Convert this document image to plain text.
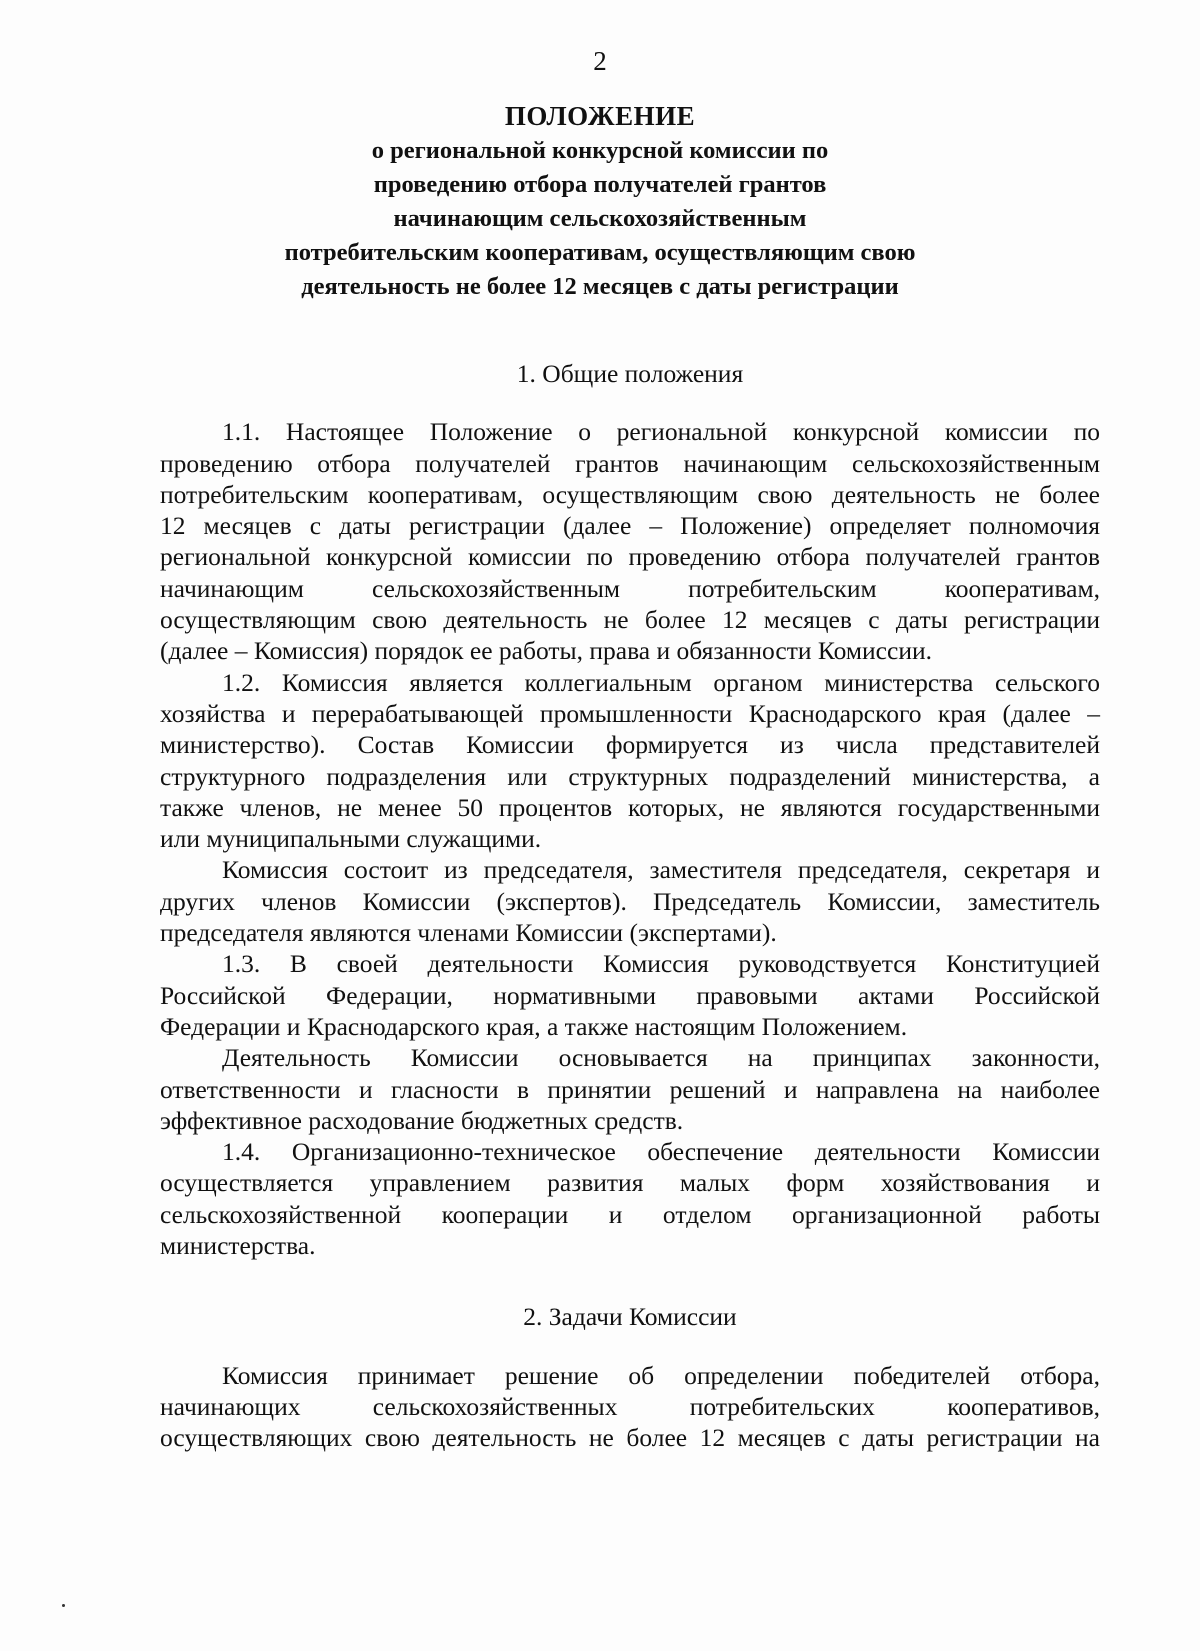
2
ПОЛОЖЕНИЕ
о региональной конкурсной комиссии по
проведению отбора получателей грантов
начинающим сельскохозяйственным
потребительским кооперативам, осуществляющим свою
деятельность не более 12 месяцев с даты регистрации
1. Общие положения
1.1. Настоящее Положение о региональной конкурсной комиссии по
проведению отбора получателей грантов начинающим сельскохозяйственным
потребительским кооперативам, осуществляющим свою деятельность не более
12 месяцев с даты регистрации (далее – Положение) определяет полномочия
региональной конкурсной комиссии по проведению отбора получателей грантов
начинающим сельскохозяйственным потребительским кооперативам,
осуществляющим свою деятельность не более 12 месяцев с даты регистрации
(далее – Комиссия) порядок ее работы, права и обязанности Комиссии.
1.2. Комиссия является коллегиальным органом министерства сельского
хозяйства и перерабатывающей промышленности Краснодарского края (далее –
министерство). Состав Комиссии формируется из числа представителей
структурного подразделения или структурных подразделений министерства, а
также членов, не менее 50 процентов которых, не являются государственными
или муниципальными служащими.
Комиссия состоит из председателя, заместителя председателя, секретаря и
других членов Комиссии (экспертов). Председатель Комиссии, заместитель
председателя являются членами Комиссии (экспертами).
1.3. В своей деятельности Комиссия руководствуется Конституцией
Российской Федерации, нормативными правовыми актами Российской
Федерации и Краснодарского края, а также настоящим Положением.
Деятельность Комиссии основывается на принципах законности,
ответственности и гласности в принятии решений и направлена на наиболее
эффективное расходование бюджетных средств.
1.4. Организационно-техническое обеспечение деятельности Комиссии
осуществляется управлением развития малых форм хозяйствования и
сельскохозяйственной кооперации и отделом организационной работы
министерства.
2. Задачи Комиссии
Комиссия принимает решение об определении победителей отбора,
начинающих сельскохозяйственных потребительских кооперативов,
осуществляющих свою деятельность не более 12 месяцев с даты регистрации на
